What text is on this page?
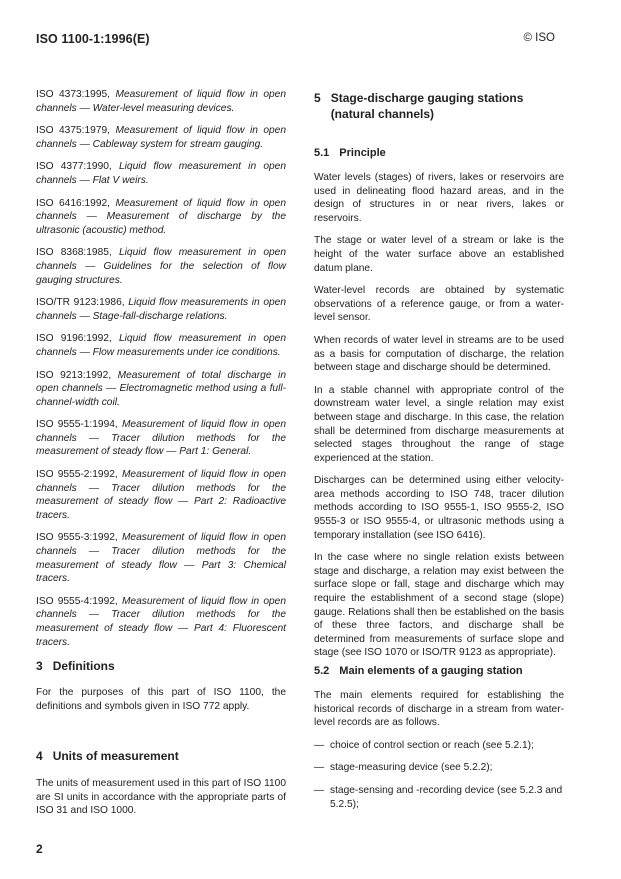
ISO 1100-1:1996(E)	© ISO

ISO 4373:1995, Measurement of liquid flow in open channels — Water-level measuring devices.

ISO 4375:1979, Measurement of liquid flow in open channels — Cableway system for stream gauging.

ISO 4377:1990, Liquid flow measurement in open channels — Flat V weirs.

ISO 6416:1992, Measurement of liquid flow in open channels — Measurement of discharge by the ultrasonic (acoustic) method.

ISO 8368:1985, Liquid flow measurement in open channels — Guidelines for the selection of flow gauging structures.

ISO/TR 9123:1986, Liquid flow measurements in open channels — Stage-fall-discharge relations.

ISO 9196:1992, Liquid flow measurement in open channels — Flow measurements under ice conditions.

ISO 9213:1992, Measurement of total discharge in open channels — Electromagnetic method using a full-channel-width coil.

ISO 9555-1:1994, Measurement of liquid flow in open channels — Tracer dilution methods for the measurement of steady flow — Part 1: General.

ISO 9555-2:1992, Measurement of liquid flow in open channels — Tracer dilution methods for the measurement of steady flow — Part 2: Radioactive tracers.

ISO 9555-3:1992, Measurement of liquid flow in open channels — Tracer dilution methods for the measurement of steady flow — Part 3: Chemical tracers.

ISO 9555-4:1992, Measurement of liquid flow in open channels — Tracer dilution methods for the measurement of steady flow — Part 4: Fluorescent tracers.

3 Definitions

For the purposes of this part of ISO 1100, the definitions and symbols given in ISO 772 apply.

4 Units of measurement

The units of measurement used in this part of ISO 1100 are SI units in accordance with the appropriate parts of ISO 31 and ISO 1000.

5 Stage-discharge gauging stations (natural channels)
5.1 Principle

Water levels (stages) of rivers, lakes or reservoirs are used in delineating flood hazard areas, and in the design of structures in or near rivers, lakes or reservoirs.

The stage or water level of a stream or lake is the height of the water surface above an established datum plane.

Water-level records are obtained by systematic observations of a reference gauge, or from a water-level sensor.

When records of water level in streams are to be used as a basis for computation of discharge, the relation between stage and discharge should be determined.

In a stable channel with appropriate control of the downstream water level, a single relation may exist between stage and discharge. In this case, the relation shall be determined from discharge measurements at selected stages throughout the range of stage experienced at the station.

Discharges can be determined using either velocity-area methods according to ISO 748, tracer dilution methods according to ISO 9555-1, ISO 9555-2, ISO 9555-3 or ISO 9555-4, or ultrasonic methods using a temporary installation (see ISO 6416).

In the case where no single relation exists between stage and discharge, a relation may exist between the surface slope or fall, stage and discharge which may require the establishment of a second stage (slope) gauge. Relations shall then be established on the basis of these three factors, and discharge shall be determined from measurements of surface slope and stage (see ISO 1070 or ISO/TR 9123 as appropriate).

5.2 Main elements of a gauging station

The main elements required for establishing the historical records of discharge in a stream from water-level records are as follows.

— choice of control section or reach (see 5.2.1);
— stage-measuring device (see 5.2.2);
— stage-sensing and -recording device (see 5.2.3 and 5.2.5);
2
